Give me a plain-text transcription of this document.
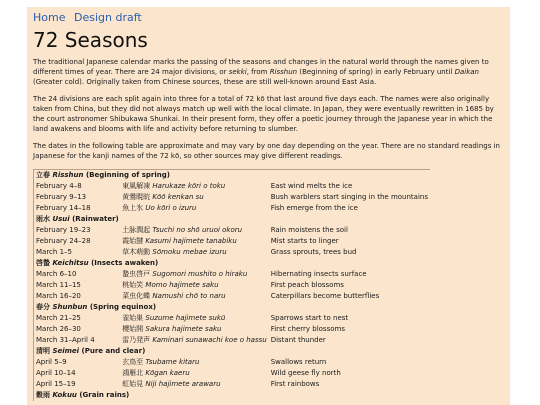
Home Design draft
72 Seasons

The traditional Japanese calendar marks the passing of the seasons and changes in the natural world through the names given to different times of year. There are 24 major divisions, or sekki, from Risshun (Beginning of spring) in early February until Daikan (Greater cold). Originally taken from Chinese sources, these are still well-known around East Asia.

The 24 divisions are each split again into three for a total of 72 kō that last around five days each. The names were also originally taken from China, but they did not always match up well with the local climate. In Japan, they were eventually rewritten in 1685 by the court astronomer Shibukawa Shunkai. In their present form, they offer a poetic journey through the Japanese year in which the land awakens and blooms with life and activity before returning to slumber.

The dates in the following table are approximate and may vary by one day depending on the year. There are no standard readings in Japanese for the kanji names of the 72 kō, so other sources may give different readings.

立春 Risshun (Beginning of spring)		
February 4–8	東風解凍 Harukaze kōri o toku	East wind melts the ice
February 9–13	黄鶯睍睆 Kōō kenkan su	Bush warblers start singing in the mountains
February 14–18	魚上氷 Uo kōri o izuru	Fish emerge from the ice
雨水 Usui (Rainwater)		
February 19–23	土脉潤起 Tsuchi no shō uruoi okoru	Rain moistens the soil
February 24–28	霞始靆 Kasumi hajimete tanabiku	Mist starts to linger
March 1–5	草木萌動 Sōmoku mebae izuru	Grass sprouts, trees bud
啓蟄 Keichitsu (Insects awaken)		
March 6–10	蟄虫啓戸 Sugomori mushito o hiraku	Hibernating insects surface
March 11–15	桃始笑 Momo hajimete saku	First peach blossoms
March 16–20	菜虫化蝶 Namushi chō to naru	Caterpillars become butterflies
春分 Shunbun (Spring equinox)		
March 21–25	雀始巣 Suzume hajimete sukū	Sparrows start to nest
March 26–30	櫻始開 Sakura hajimete saku	First cherry blossoms
March 31–April 4	雷乃発声 Kaminari sunawachi koe o hassu	Distant thunder
清明 Seimei (Pure and clear)		
April 5–9	玄鳥至 Tsubame kitaru	Swallows return
April 10–14	鴻雁北 Kōgan kaeru	Wild geese fly north
April 15–19	虹始見 Niji hajimete arawaru	First rainbows
穀雨 Kokuu (Grain rains)		
